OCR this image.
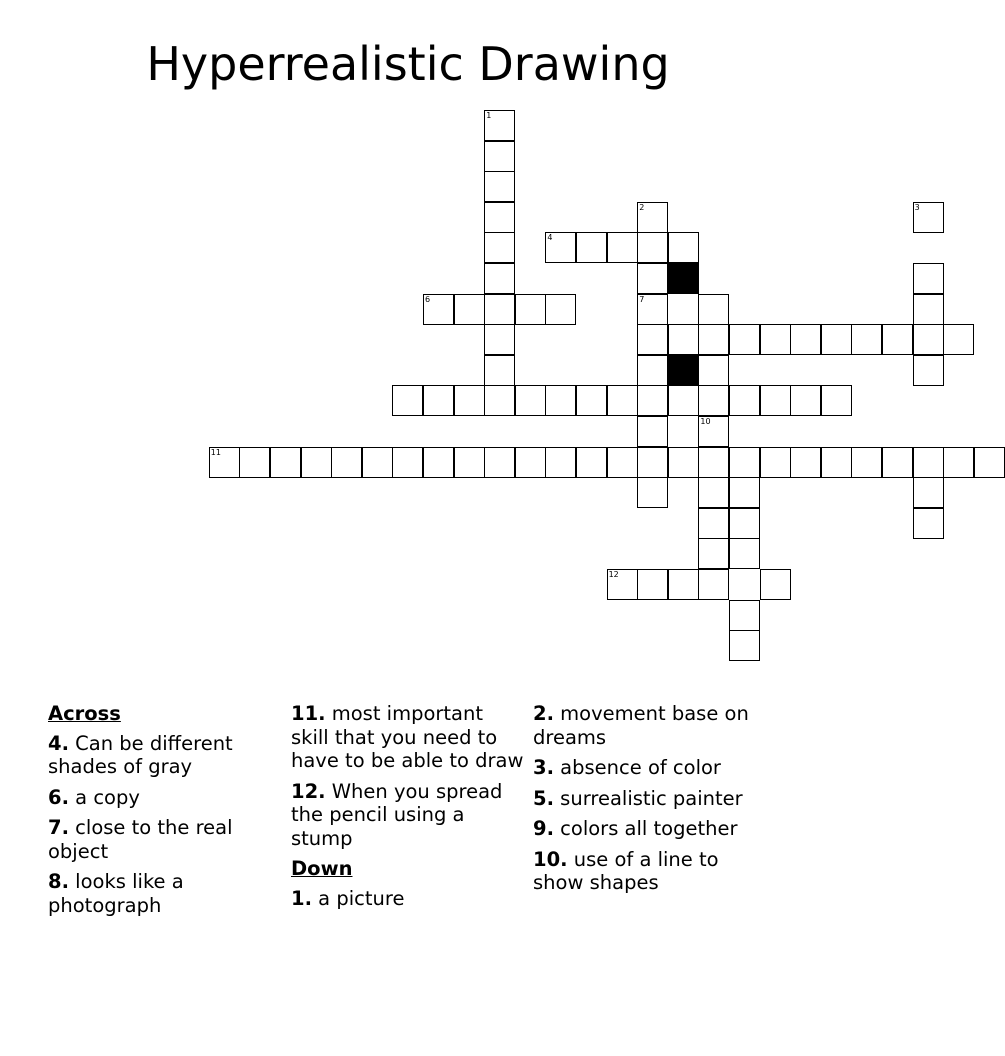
Hyperrealistic Drawing
1
4
6
2
7
10
3
11
12
Across
4. Can be different shades of gray
6. a copy
7. close to the real object
8. looks like a photograph
11. most important skill that you need to have to be able to draw
12. When you spread the pencil using a stump
Down
1. a picture
2. movement base on dreams
3. absence of color
5. surrealistic painter
9. colors all together
10. use of a line to show shapes
